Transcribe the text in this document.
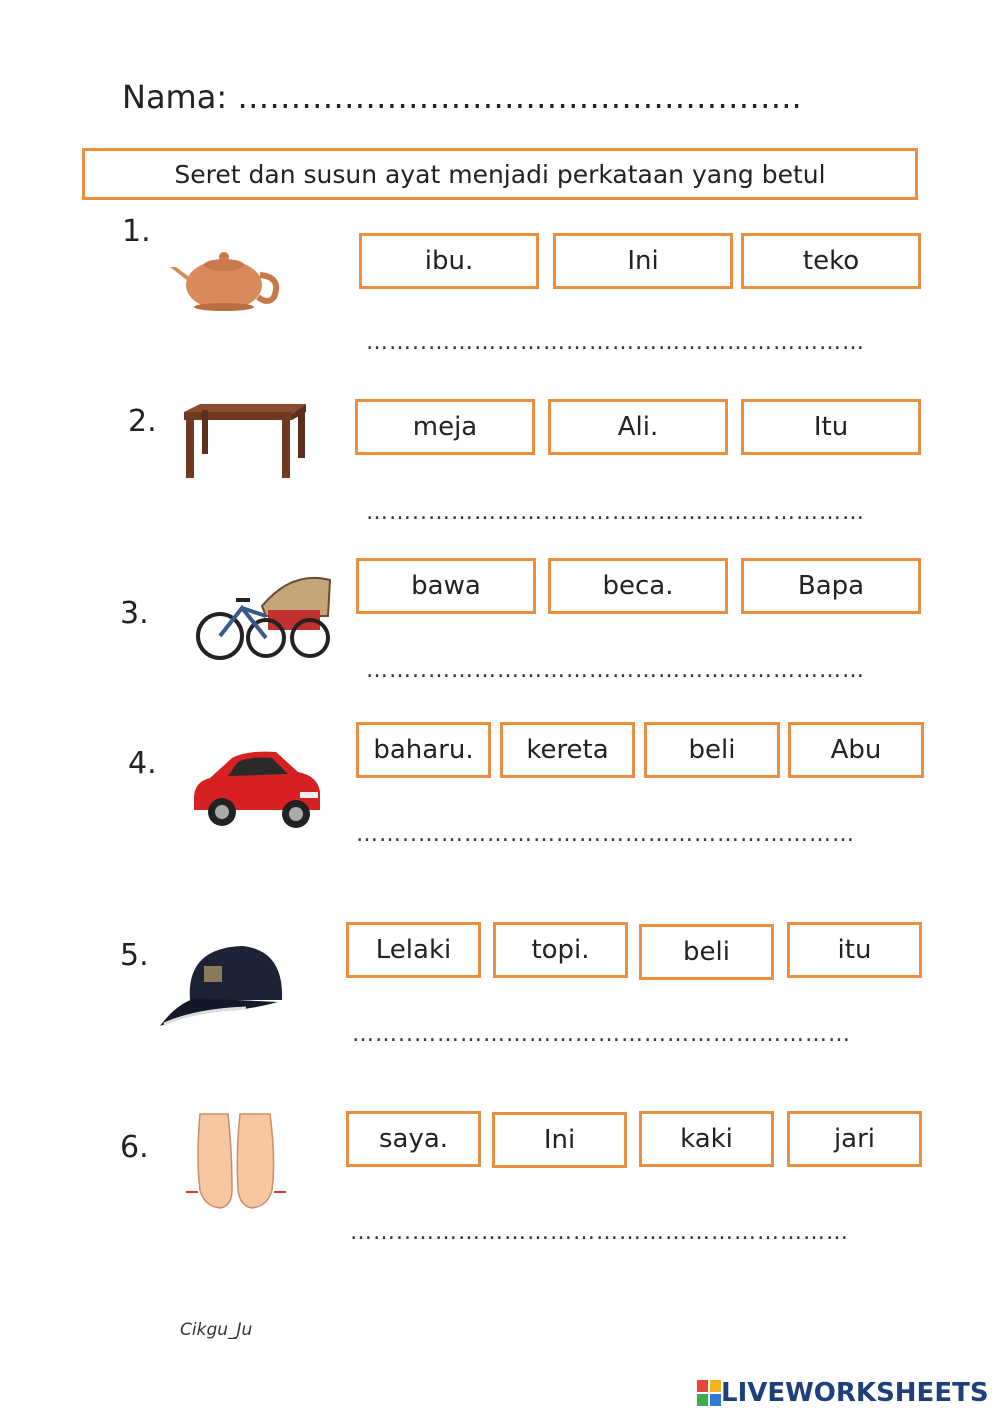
Nama: ……………………………………………..
Seret dan susun ayat menjadi perkataan yang betul
1.
ibu.	Ini	teko
……..…………………………………………………
2.	meja	Ali.	Itu
……..…………………………………………………
3.
bawa	beca.	Bapa
……..…………………………………………………
4.	baharu.	kereta	beli	Abu
……..…………………………………………………
5.	Lelaki	topi.	beli	itu
……..…………………………………………………
6.	saya.	Ini	kaki	jari
……..…………………………………………………
Cikgu_Ju
LIVEWORKSHEETS
